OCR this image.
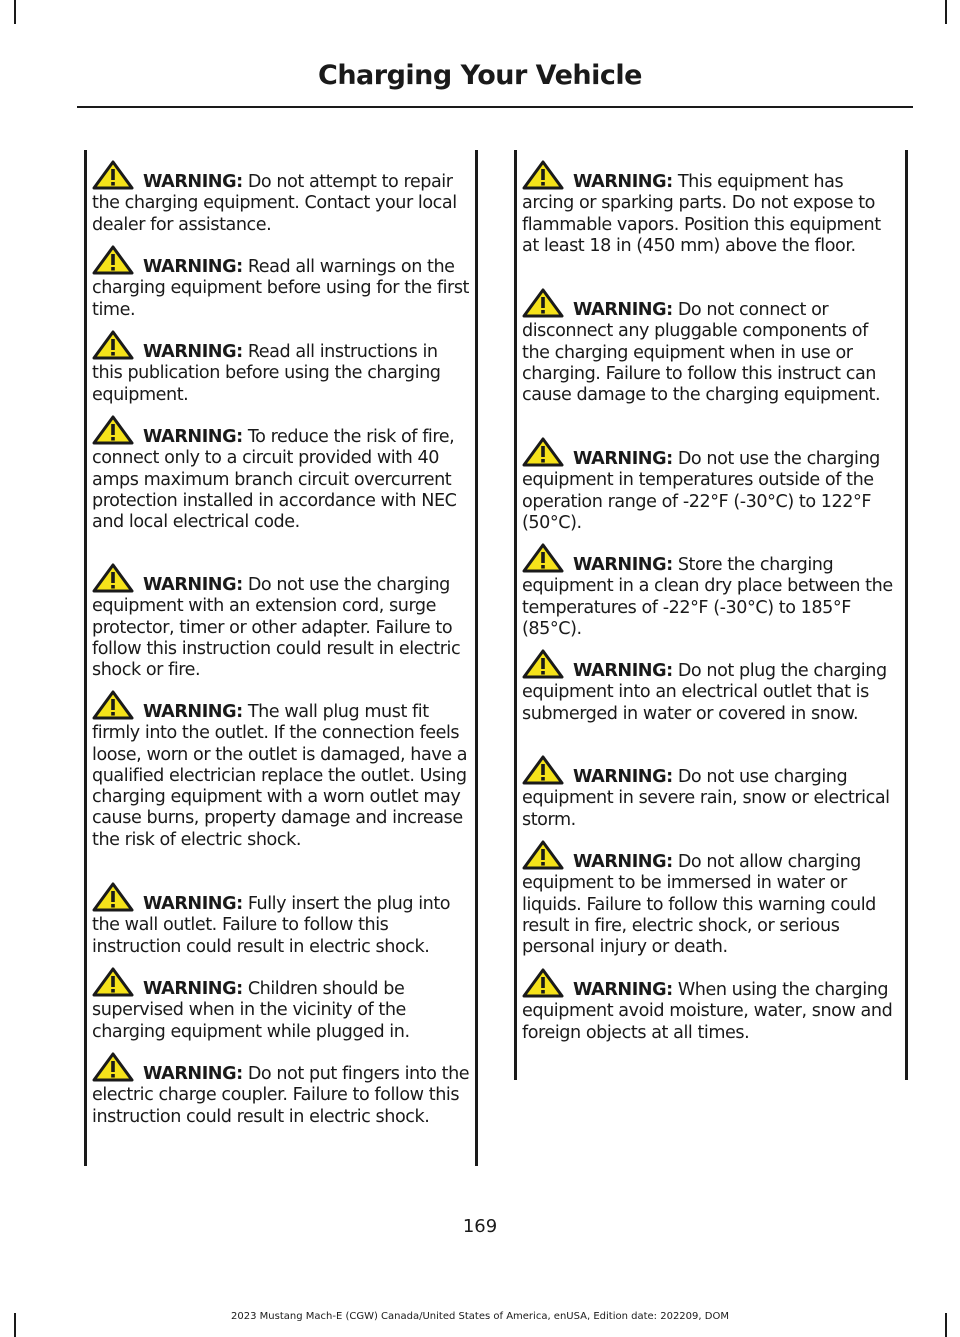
Charging Your Vehicle
WARNING: Do not attempt to repair the charging equipment. Contact your local dealer for assistance.
WARNING: Read all warnings on the charging equipment before using for the first time.
WARNING: Read all instructions in this publication before using the charging equipment.
WARNING: To reduce the risk of fire, connect only to a circuit provided with 40 amps maximum branch circuit overcurrent protection installed in accordance with NEC and local electrical code.
WARNING: Do not use the charging equipment with an extension cord, surge protector, timer or other adapter. Failure to follow this instruction could result in electric shock or fire.
WARNING: The wall plug must fit firmly into the outlet. If the connection feels loose, worn or the outlet is damaged, have a qualified electrician replace the outlet. Using charging equipment with a worn outlet may cause burns, property damage and increase the risk of electric shock.
WARNING: Fully insert the plug into the wall outlet. Failure to follow this instruction could result in electric shock.
WARNING: Children should be supervised when in the vicinity of the charging equipment while plugged in.
WARNING: Do not put fingers into the electric charge coupler. Failure to follow this instruction could result in electric shock.
WARNING: This equipment has arcing or sparking parts. Do not expose to flammable vapors. Position this equipment at least 18 in (450 mm) above the floor.
WARNING: Do not connect or disconnect any pluggable components of the charging equipment when in use or charging. Failure to follow this instruct can cause damage to the charging equipment.
WARNING: Do not use the charging equipment in temperatures outside of the operation range of -22°F (-30°C) to 122°F (50°C).
WARNING: Store the charging equipment in a clean dry place between the temperatures of -22°F (-30°C) to 185°F (85°C).
WARNING: Do not plug the charging equipment into an electrical outlet that is submerged in water or covered in snow.
WARNING: Do not use charging equipment in severe rain, snow or electrical storm.
WARNING: Do not allow charging equipment to be immersed in water or liquids. Failure to follow this warning could result in fire, electric shock, or serious personal injury or death.
WARNING: When using the charging equipment avoid moisture, water, snow and foreign objects at all times.
169
2023 Mustang Mach-E (CGW) Canada/United States of America, enUSA, Edition date: 202209, DOM
